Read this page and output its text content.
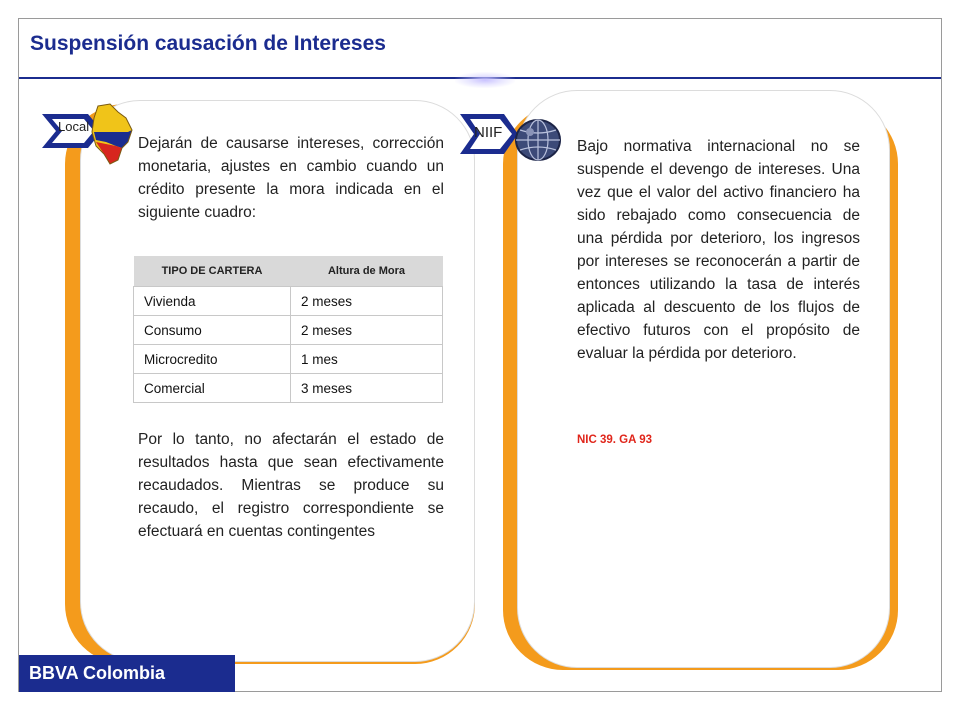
Suspensión causación de Intereses
Local

Dejarán de causarse intereses, corrección monetaria, ajustes en cambio cuando un crédito presente la mora indicada en el siguiente cuadro:

TIPO DE CARTERA	Altura de Mora
Vivienda	2 meses
Consumo	2 meses
Microcredito	1 mes
Comercial	3 meses

Por lo tanto, no afectarán el estado de resultados hasta que sean efectivamente recaudados. Mientras se produce su recaudo, el registro correspondiente se efectuará en cuentas contingentes

NIIF

Bajo normativa internacional no se suspende el devengo de intereses. Una vez que el valor del activo financiero ha sido rebajado como consecuencia de una pérdida por deterioro, los ingresos por intereses se reconocerán a partir de entonces utilizando la tasa de interés aplicada al descuento de los flujos de efectivo futuros con el propósito de evaluar la pérdida por deterioro.

NIC 39. GA 93
BBVA Colombia
